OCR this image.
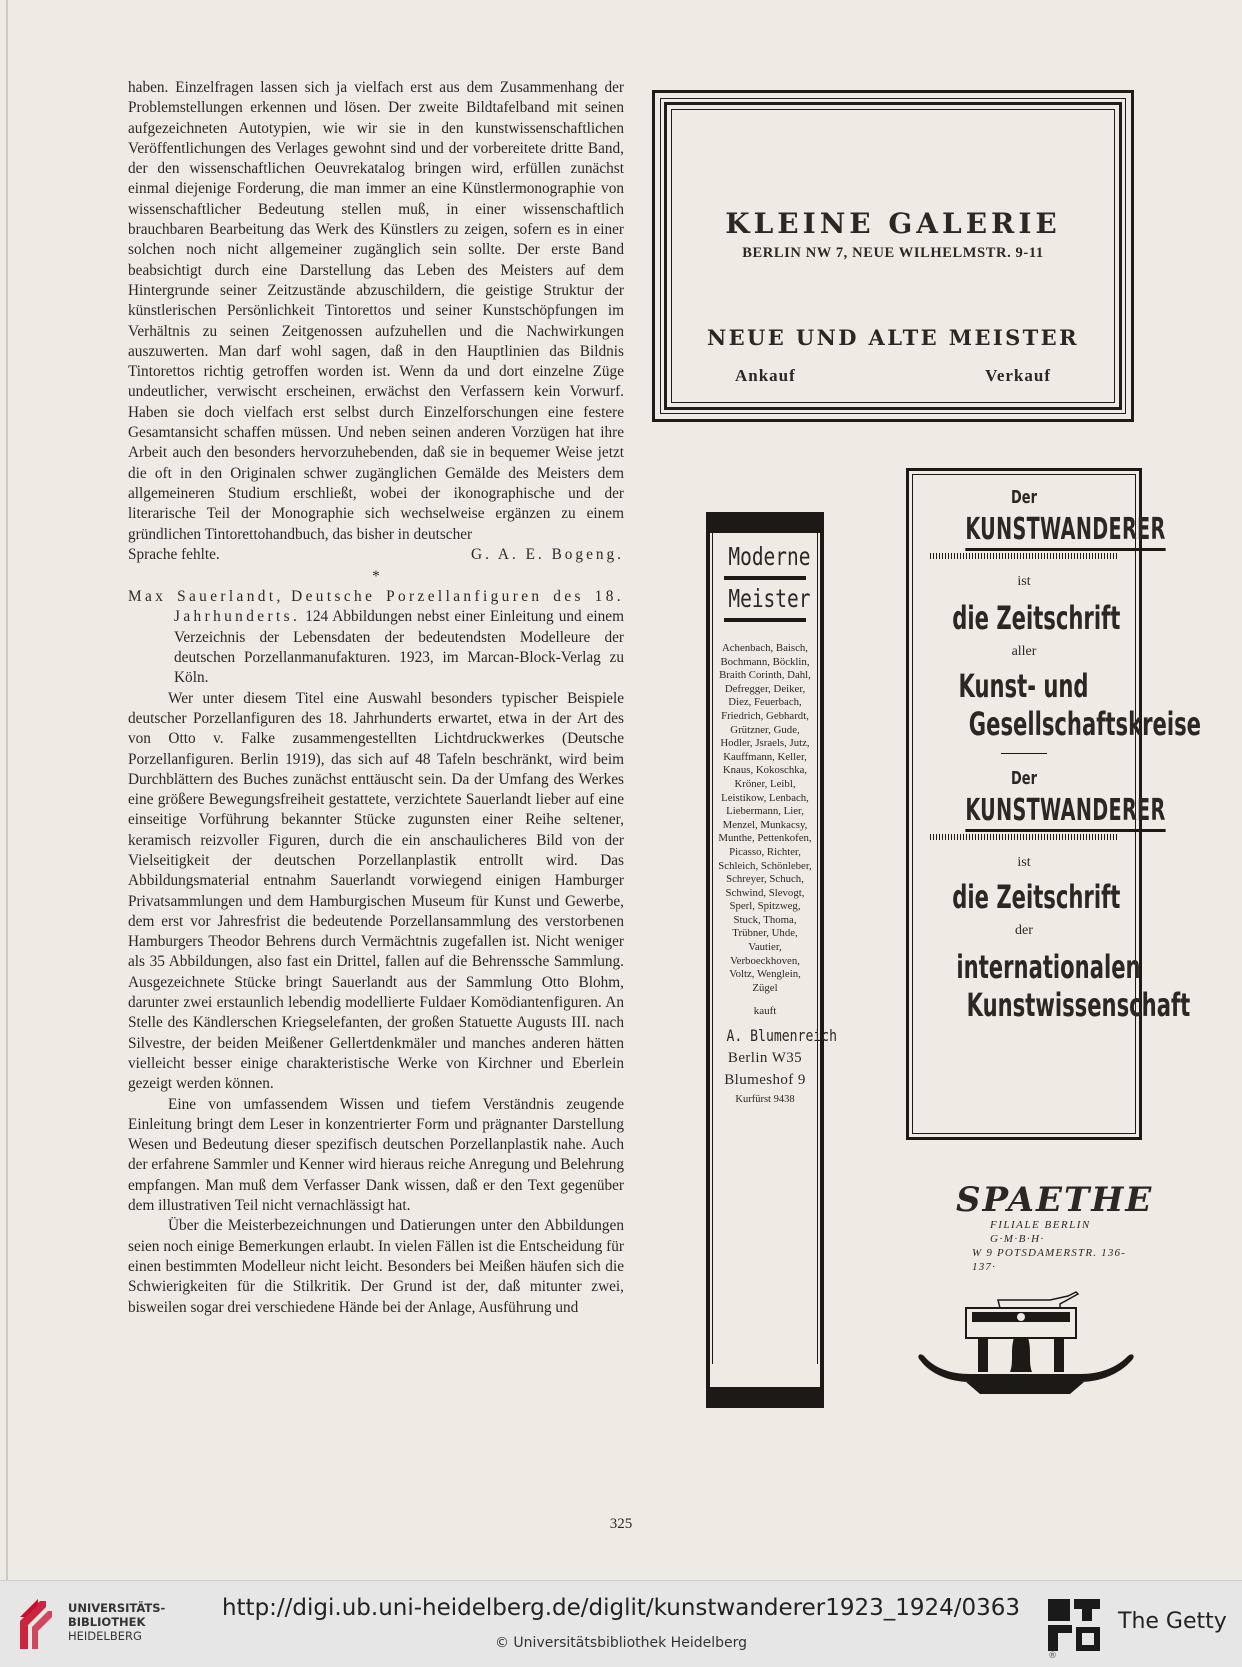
haben. Einzelfragen lassen sich ja vielfach erst aus dem Zusammenhang der Problemstellungen erkennen und lösen. Der zweite Bildtafelband mit seinen aufgezeichneten Autotypien, wie wir sie in den kunstwissenschaftlichen Veröffentlichungen des Verlages gewohnt sind und der vorbereitete dritte Band, der den wissenschaftlichen Oeuvrekatalog bringen wird, erfüllen zunächst einmal diejenige Forderung, die man immer an eine Künstlermonographie von wissenschaftlicher Bedeutung stellen muß, in einer wissenschaftlich brauchbaren Bearbeitung das Werk des Künstlers zu zeigen, sofern es in einer solchen noch nicht allgemeiner zugänglich sein sollte. Der erste Band beabsichtigt durch eine Darstellung das Leben des Meisters auf dem Hintergrunde seiner Zeitzustände abzuschildern, die geistige Struktur der künstlerischen Persönlichkeit Tintorettos und seiner Kunstschöpfungen im Verhältnis zu seinen Zeitgenossen aufzuhellen und die Nachwirkungen auszuwerten. Man darf wohl sagen, daß in den Hauptlinien das Bildnis Tintorettos richtig getroffen worden ist. Wenn da und dort einzelne Züge undeutlicher, verwischt erscheinen, erwächst den Verfassern kein Vorwurf. Haben sie doch vielfach erst selbst durch Einzelforschungen eine festere Gesamtansicht schaffen müssen. Und neben seinen anderen Vorzügen hat ihre Arbeit auch den besonders hervorzuhebenden, daß sie in bequemer Weise jetzt die oft in den Originalen schwer zugänglichen Gemälde des Meisters dem allgemeineren Studium erschließt, wobei der ikonographische und der literarische Teil der Monographie sich wechselweise ergänzen zu einem gründlichen Tintorettohandbuch, das bisher in deutscher

Sprache fehlte.	G. A. E. Bogeng.
*

Max Sauerlandt, Deutsche Porzellanfiguren des 18. Jahrhunderts. 124 Abbildungen nebst einer Einleitung und einem Verzeichnis der Lebensdaten der bedeutendsten Modelleure der deutschen Porzellanmanufakturen. 1923, im Marcan-Block-Verlag zu Köln.

Wer unter diesem Titel eine Auswahl besonders typischer Beispiele deutscher Porzellanfiguren des 18. Jahrhunderts erwartet, etwa in der Art des von Otto v. Falke zusammengestellten Lichtdruckwerkes (Deutsche Porzellanfiguren. Berlin 1919), das sich auf 48 Tafeln beschränkt, wird beim Durchblättern des Buches zunächst enttäuscht sein. Da der Umfang des Werkes eine größere Bewegungsfreiheit gestattete, verzichtete Sauerlandt lieber auf eine einseitige Vorführung bekannter Stücke zugunsten einer Reihe seltener, keramisch reizvoller Figuren, durch die ein anschaulicheres Bild von der Vielseitigkeit der deutschen Porzellanplastik entrollt wird. Das Abbildungsmaterial entnahm Sauerlandt vorwiegend einigen Hamburger Privatsammlungen und dem Hamburgischen Museum für Kunst und Gewerbe, dem erst vor Jahresfrist die bedeutende Porzellansammlung des verstorbenen Hamburgers Theodor Behrens durch Vermächtnis zugefallen ist. Nicht weniger als 35 Abbildungen, also fast ein Drittel, fallen auf die Behrenssche Sammlung. Ausgezeichnete Stücke bringt Sauerlandt aus der Sammlung Otto Blohm, darunter zwei erstaunlich lebendig modellierte Fuldaer Komödiantenfiguren. An Stelle des Kändlerschen Kriegselefanten, der großen Statuette Augusts III. nach Silvestre, der beiden Meißener Gellertdenkmäler und manches anderen hätten vielleicht besser einige charakteristische Werke von Kirchner und Eberlein gezeigt werden können.

Eine von umfassendem Wissen und tiefem Verständnis zeugende Einleitung bringt dem Leser in konzentrierter Form und prägnanter Darstellung Wesen und Bedeutung dieser spezifisch deutschen Porzellanplastik nahe. Auch der erfahrene Sammler und Kenner wird hieraus reiche Anregung und Belehrung empfangen. Man muß dem Verfasser Dank wissen, daß er den Text gegenüber dem illustrativen Teil nicht vernachlässigt hat.

Über die Meisterbezeichnungen und Datierungen unter den Abbildungen seien noch einige Bemerkungen erlaubt. In vielen Fällen ist die Entscheidung für einen bestimmten Modelleur nicht leicht. Besonders bei Meißen häufen sich die Schwierigkeiten für die Stilkritik. Der Grund ist der, daß mitunter zwei, bisweilen sogar drei verschiedene Hände bei der Anlage, Ausführung und

KLEINE GALERIE
BERLIN NW 7, NEUE WILHELMSTR. 9-11
NEUE UND ALTE MEISTER
Ankauf	Verkauf
Moderne
Meister
Achenbach, Baisch, Bochmann, Böcklin, Braith Corinth, Dahl, Defregger, Deiker, Diez, Feuerbach, Friedrich, Gebhardt, Grützner, Gude, Hodler, Jsraels, Jutz, Kauffmann, Keller, Knaus, Kokoschka, Kröner, Leibl, Leistikow, Lenbach, Liebermann, Lier, Menzel, Munkacsy, Munthe, Pettenkofen, Picasso, Richter, Schleich, Schönleber, Schreyer, Schuch, Schwind, Slevogt, Sperl, Spitzweg, Stuck, Thoma, Trübner, Uhde, Vautier, Verboeckhoven, Voltz, Wenglein, Zügel
kauft
A. Blumenreich
Berlin W35
Blumeshof 9
Kurfürst 9438
Der
KUNSTWANDERER
ist
die Zeitschrift
aller
Kunst- und
Gesellschaftskreise
Der
KUNSTWANDERER
ist
die Zeitschrift
der
internationalen
Kunstwissenschaft
SPAETHE
FILIALE BERLIN G·M·B·H·
W 9 POTSDAMERSTR. 136-137·
325
UNIVERSITÄTS-
BIBLIOTHEK
HEIDELBERG
http://digi.ub.uni-heidelberg.de/diglit/kunstwanderer1923_1924/0363
© Universitätsbibliothek Heidelberg
The Getty
®
